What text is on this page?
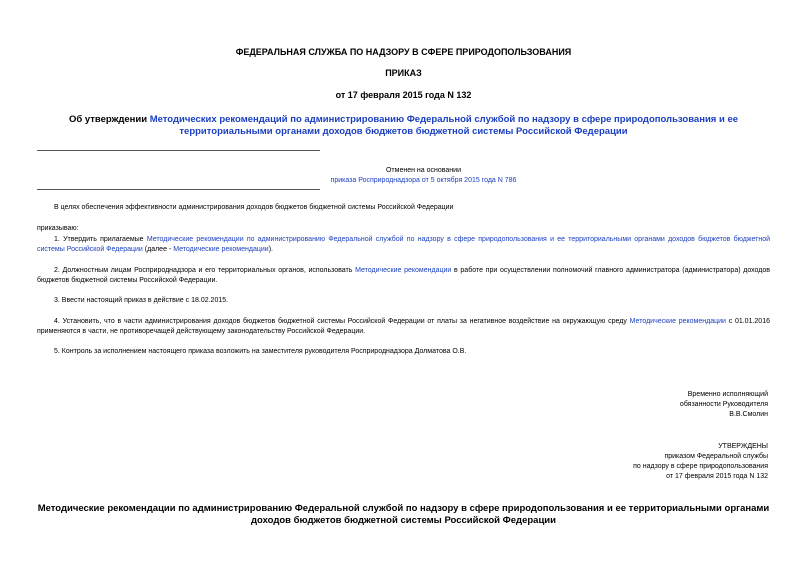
ФЕДЕРАЛЬНАЯ СЛУЖБА ПО НАДЗОРУ В СФЕРЕ ПРИРОДОПОЛЬЗОВАНИЯ
ПРИКАЗ
от 17 февраля 2015 года N 132
Об утверждении Методических рекомендаций по администрированию Федеральной службой по надзору в сфере природопользования и ее территориальными органами доходов бюджетов бюджетной системы Российской Федерации
Отменен на основании
приказа Росприроднадзора от 5 октября 2015 года N 786
В целях обеспечения эффективности администрирования доходов бюджетов бюджетной системы Российской Федерации
приказываю:
1. Утвердить прилагаемые Методические рекомендации по администрированию Федеральной службой по надзору в сфере природопользования и ее территориальными органами доходов бюджетов бюджетной системы Российской Федерации (далее - Методические рекомендации).
2. Должностным лицам Росприроднадзора и его территориальных органов, использовать Методические рекомендации в работе при осуществлении полномочий главного администратора (администратора) доходов бюджетов бюджетной системы Российской Федерации.
3. Ввести настоящий приказ в действие с 18.02.2015.
4. Установить, что в части администрирования доходов бюджетов бюджетной системы Российской Федерации от платы за негативное воздействие на окружающую среду Методические рекомендации с 01.01.2016 применяются в части, не противоречащей действующему законодательству Российской Федерации.
5. Контроль за исполнением настоящего приказа возложить на заместителя руководителя Росприроднадзора Долматова О.В.
Временно исполняющий
обязанности Руководителя
В.В.Смолин
УТВЕРЖДЕНЫ
приказом Федеральной службы
по надзору в сфере природопользования
от 17 февраля 2015 года N 132
Методические рекомендации по администрированию Федеральной службой по надзору в сфере природопользования и ее территориальными органами доходов бюджетов бюджетной системы Российской Федерации
